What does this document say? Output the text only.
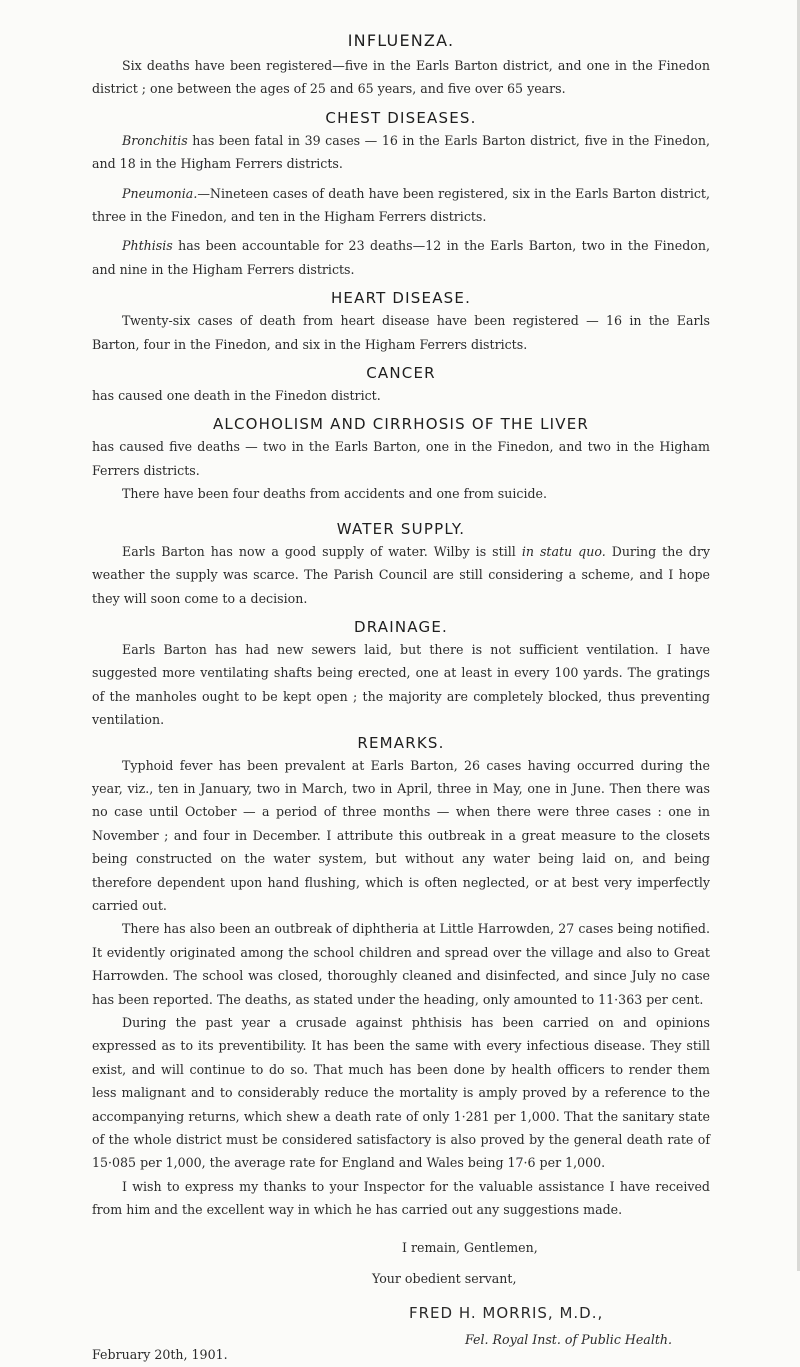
INFLUENZA.

Six deaths have been registered—five in the Earls Barton district, and one in the Finedon district ; one between the ages of 25 and 65 years, and five over 65 years.

CHEST DISEASES.

Bronchitis has been fatal in 39 cases — 16 in the Earls Barton district, five in the Finedon, and 18 in the Higham Ferrers districts.

Pneumonia.—Nineteen cases of death have been registered, six in the Earls Barton district, three in the Finedon, and ten in the Higham Ferrers districts.

Phthisis has been accountable for 23 deaths—12 in the Earls Barton, two in the Finedon, and nine in the Higham Ferrers districts.

HEART DISEASE.

Twenty-six cases of death from heart disease have been registered — 16 in the Earls Barton, four in the Finedon, and six in the Higham Ferrers districts.

CANCER

has caused one death in the Finedon district.

ALCOHOLISM AND CIRRHOSIS OF THE LIVER

has caused five deaths — two in the Earls Barton, one in the Finedon, and two in the Higham Ferrers districts.

There have been four deaths from accidents and one from suicide.

WATER SUPPLY.

Earls Barton has now a good supply of water. Wilby is still in statu quo. During the dry weather the supply was scarce. The Parish Council are still considering a scheme, and I hope they will soon come to a decision.

DRAINAGE.

Earls Barton has had new sewers laid, but there is not sufficient ventilation. I have suggested more ventilating shafts being erected, one at least in every 100 yards. The gratings of the manholes ought to be kept open ; the majority are completely blocked, thus preventing ventilation.

REMARKS.

Typhoid fever has been prevalent at Earls Barton, 26 cases having occurred during the year, viz., ten in January, two in March, two in April, three in May, one in June. Then there was no case until October — a period of three months — when there were three cases : one in November ; and four in December. I attribute this outbreak in a great measure to the closets being constructed on the water system, but without any water being laid on, and being therefore dependent upon hand flushing, which is often neglected, or at best very imperfectly carried out.

There has also been an outbreak of diphtheria at Little Harrowden, 27 cases being notified. It evidently originated among the school children and spread over the village and also to Great Harrowden. The school was closed, thoroughly cleaned and disinfected, and since July no case has been reported. The deaths, as stated under the heading, only amounted to 11·363 per cent.

During the past year a crusade against phthisis has been carried on and opinions expressed as to its preventibility. It has been the same with every infectious disease. They still exist, and will continue to do so. That much has been done by health officers to render them less malignant and to considerably reduce the mortality is amply proved by a reference to the accompanying returns, which shew a death rate of only 1·281 per 1,000. That the sanitary state of the whole district must be considered satisfactory is also proved by the general death rate of 15·085 per 1,000, the average rate for England and Wales being 17·6 per 1,000.

I wish to express my thanks to your Inspector for the valuable assistance I have received from him and the excellent way in which he has carried out any suggestions made.

I remain, Gentlemen,
Your obedient servant,
FRED H. MORRIS, M.D.,
Fel. Royal Inst. of Public Health.
February 20th, 1901.
